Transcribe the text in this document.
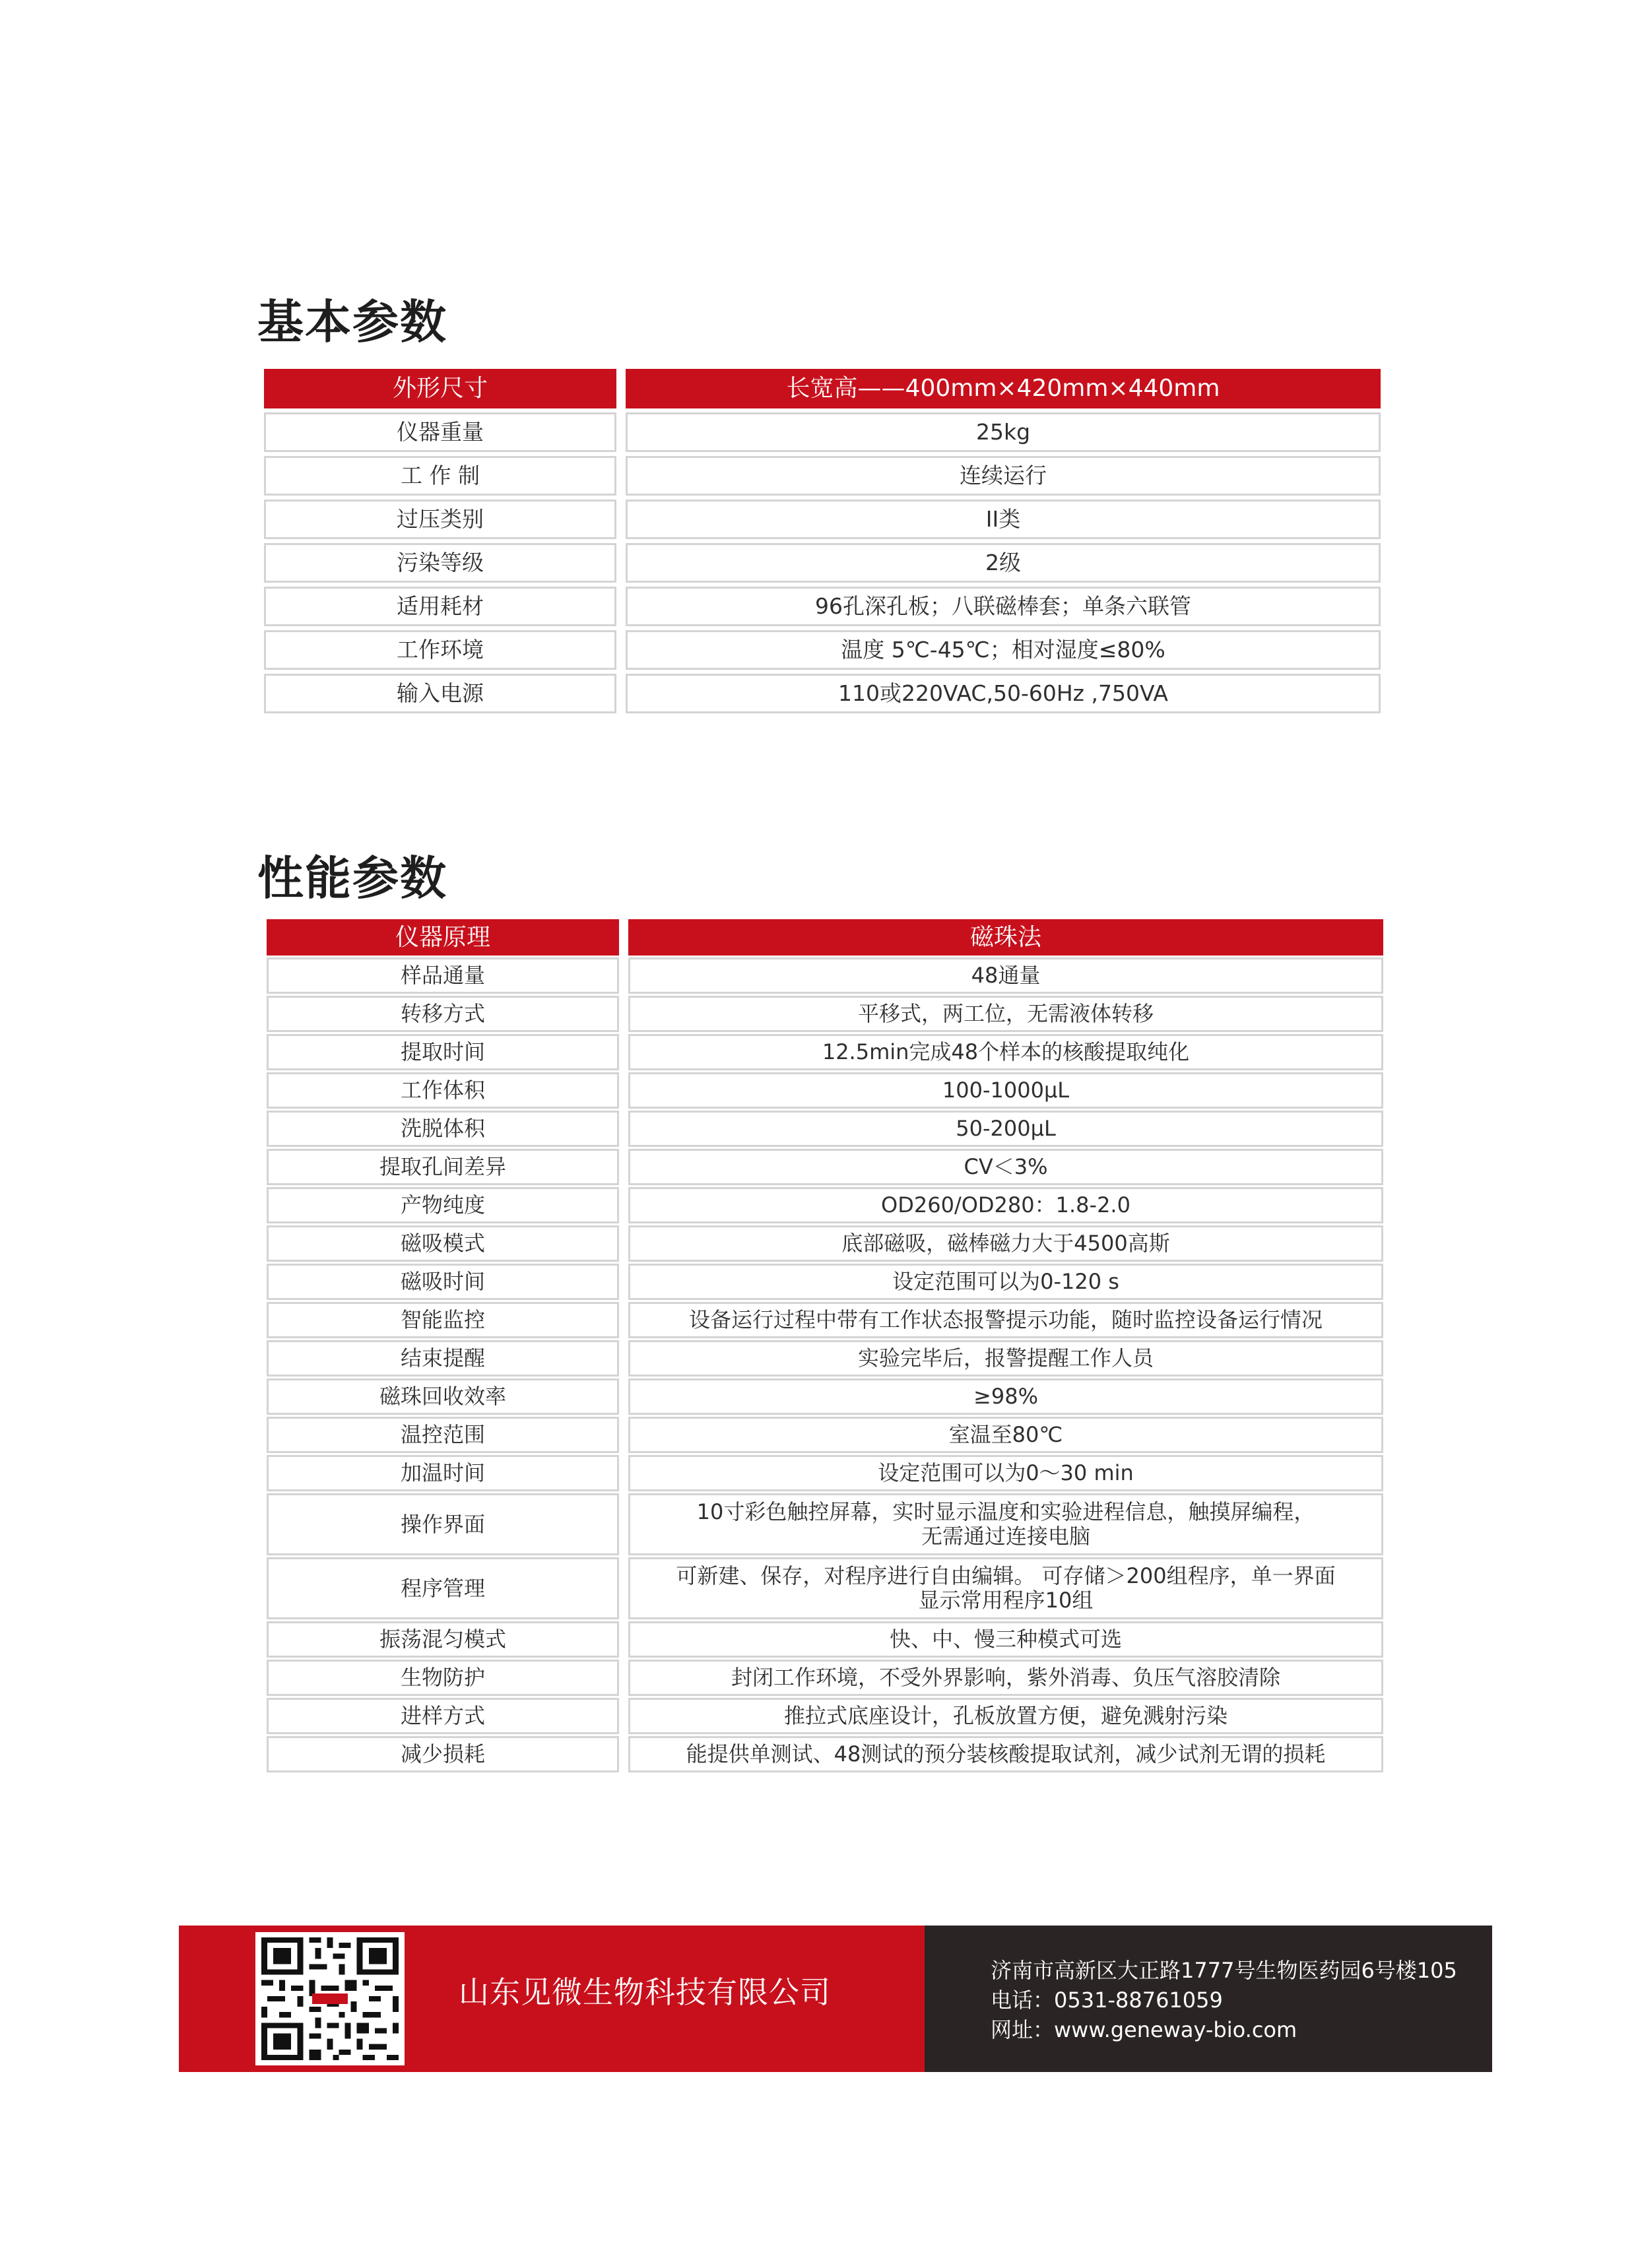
基本参数
外形尺寸	长宽高——400mm×420mm×440mm
仪器重量	25kg
工 作 制	连续运行
过压类别	II类
污染等级	2级
适用耗材	96孔深孔板；八联磁棒套；单条六联管
工作环境	温度 5℃-45℃；相对湿度≤80%
输入电源	110或220VAC,50-60Hz ,750VA
性能参数
仪器原理	磁珠法
样品通量	48通量
转移方式	平移式，两工位，无需液体转移
提取时间	12.5min完成48个样本的核酸提取纯化
工作体积	100-1000μL
洗脱体积	50-200μL
提取孔间差异	CV＜3%
产物纯度	OD260/OD280：1.8-2.0
磁吸模式	底部磁吸，磁棒磁力大于4500高斯
磁吸时间	设定范围可以为0-120 s
智能监控	设备运行过程中带有工作状态报警提示功能，随时监控设备运行情况
结束提醒	实验完毕后，报警提醒工作人员
磁珠回收效率	≥98%
温控范围	室温至80℃
加温时间	设定范围可以为0～30 min
操作界面	10寸彩色触控屏幕，实时显示温度和实验进程信息，触摸屏编程，
无需通过连接电脑

程序管理	可新建、保存，对程序进行自由编辑。 可存储＞200组程序，单一界面
显示常用程序10组

振荡混匀模式	快、中、慢三种模式可选
生物防护	封闭工作环境，不受外界影响，紫外消毒、负压气溶胶清除
进样方式	推拉式底座设计，孔板放置方便，避免溅射污染
减少损耗	能提供单测试、48测试的预分装核酸提取试剂，减少试剂无谓的损耗

山东见微生物科技有限公司

济南市高新区大正路1777号生物医药园6号楼105
电话：0531-88761059
网址：www.geneway-bio.com
